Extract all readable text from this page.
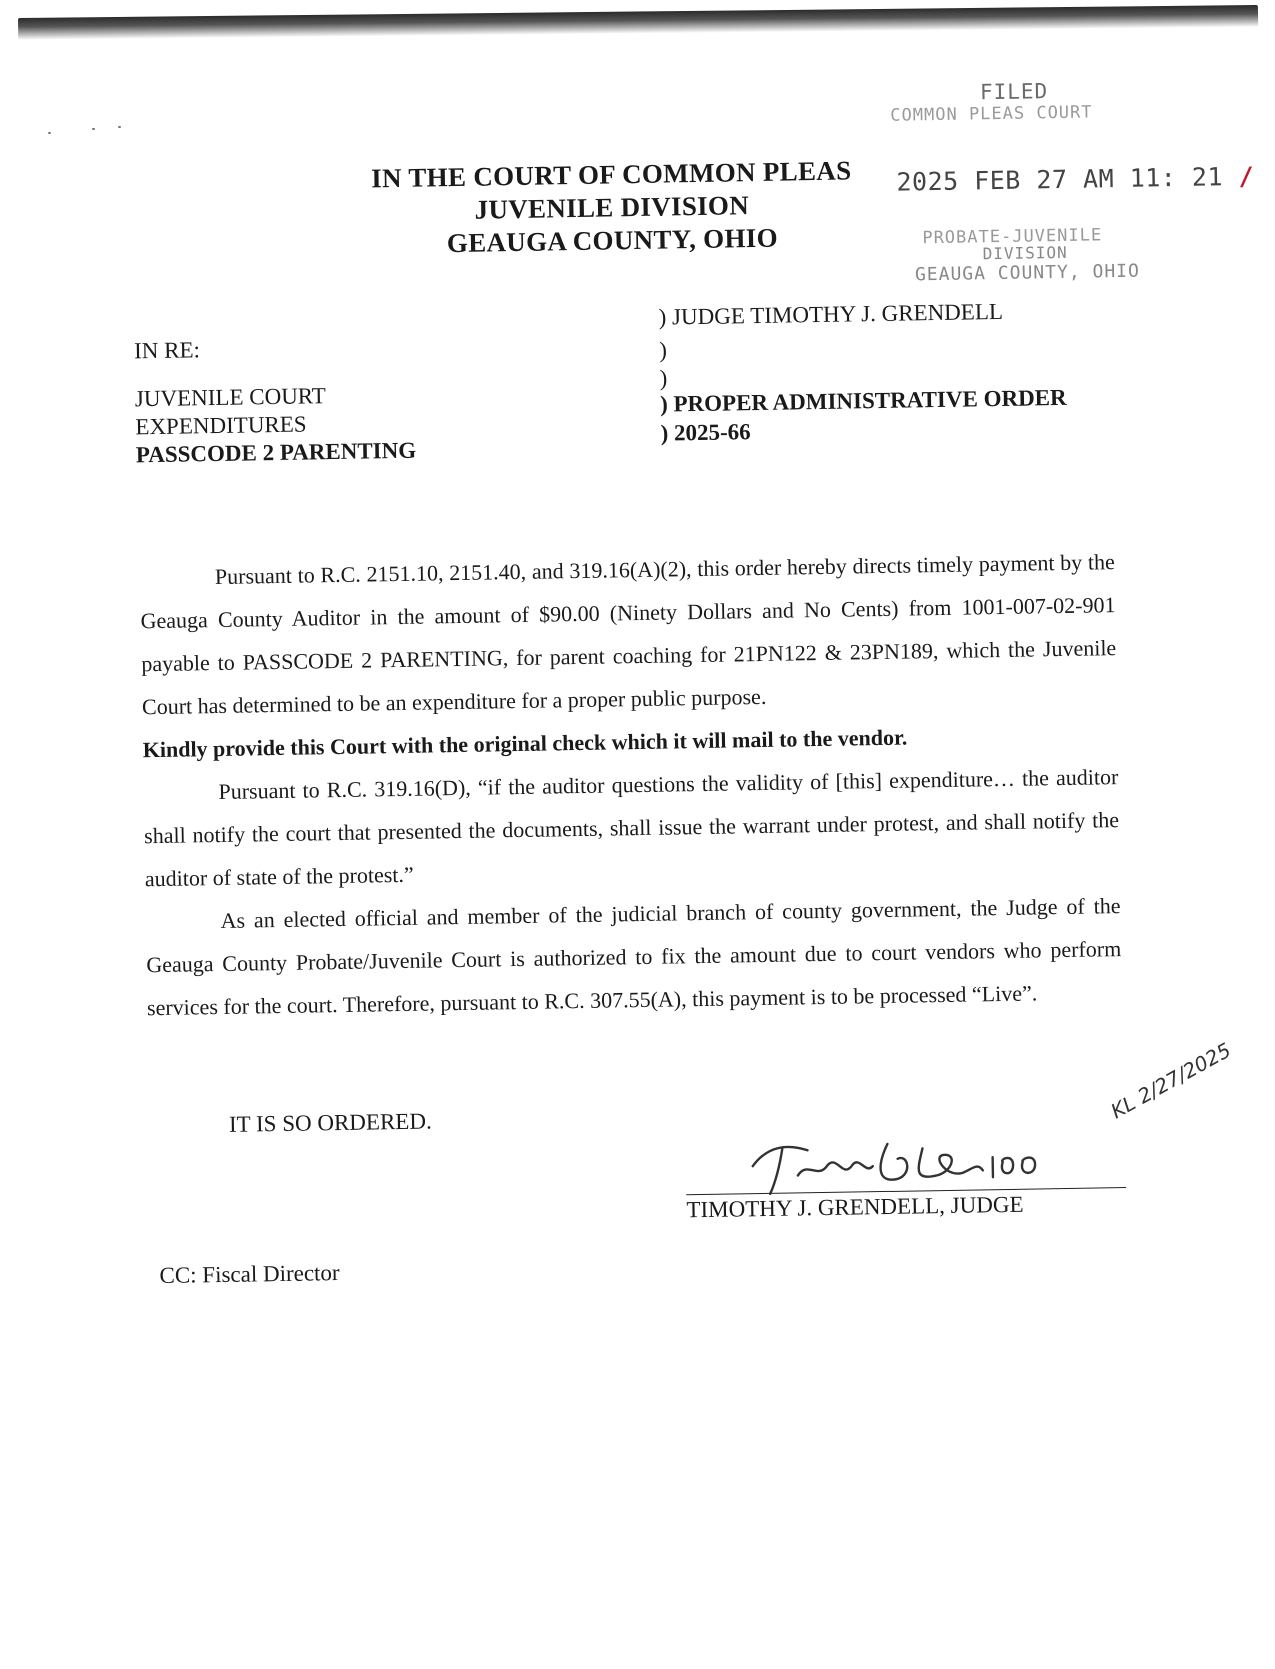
FILED
COMMON PLEAS COURT
2025 FEB 27 AM 11: 21 /
PROBATE-JUVENILE
DIVISION
GEAUGA COUNTY, OHIO
IN THE COURT OF COMMON PLEAS
JUVENILE DIVISION
GEAUGA COUNTY, OHIO
IN RE:
JUVENILE COURT
EXPENDITURES
PASSCODE 2 PARENTING
) JUDGE TIMOTHY J. GRENDELL
)
)
) PROPER ADMINISTRATIVE ORDER
) 2025-66

Pursuant to R.C. 2151.10, 2151.40, and 319.16(A)(2), this order hereby directs timely payment by the Geauga County Auditor in the amount of $90.00 (Ninety Dollars and No Cents) from 1001-007-02-901 payable to PASSCODE 2 PARENTING, for parent coaching for 21PN122 & 23PN189, which the Juvenile Court has determined to be an expenditure for a proper public purpose.

Kindly provide this Court with the original check which it will mail to the vendor.

Pursuant to R.C. 319.16(D), “if the auditor questions the validity of [this] expenditure… the auditor shall notify the court that presented the documents, shall issue the warrant under protest, and shall notify the auditor of state of the protest.”

As an elected official and member of the judicial branch of county government, the Judge of the Geauga County Probate/Juvenile Court is authorized to fix the amount due to court vendors who perform services for the court. Therefore, pursuant to R.C. 307.55(A), this payment is to be processed “Live”.

IT IS SO ORDERED.
TIMOTHY J. GRENDELL, JUDGE
KL 2/27/2025
CC: Fiscal Director
